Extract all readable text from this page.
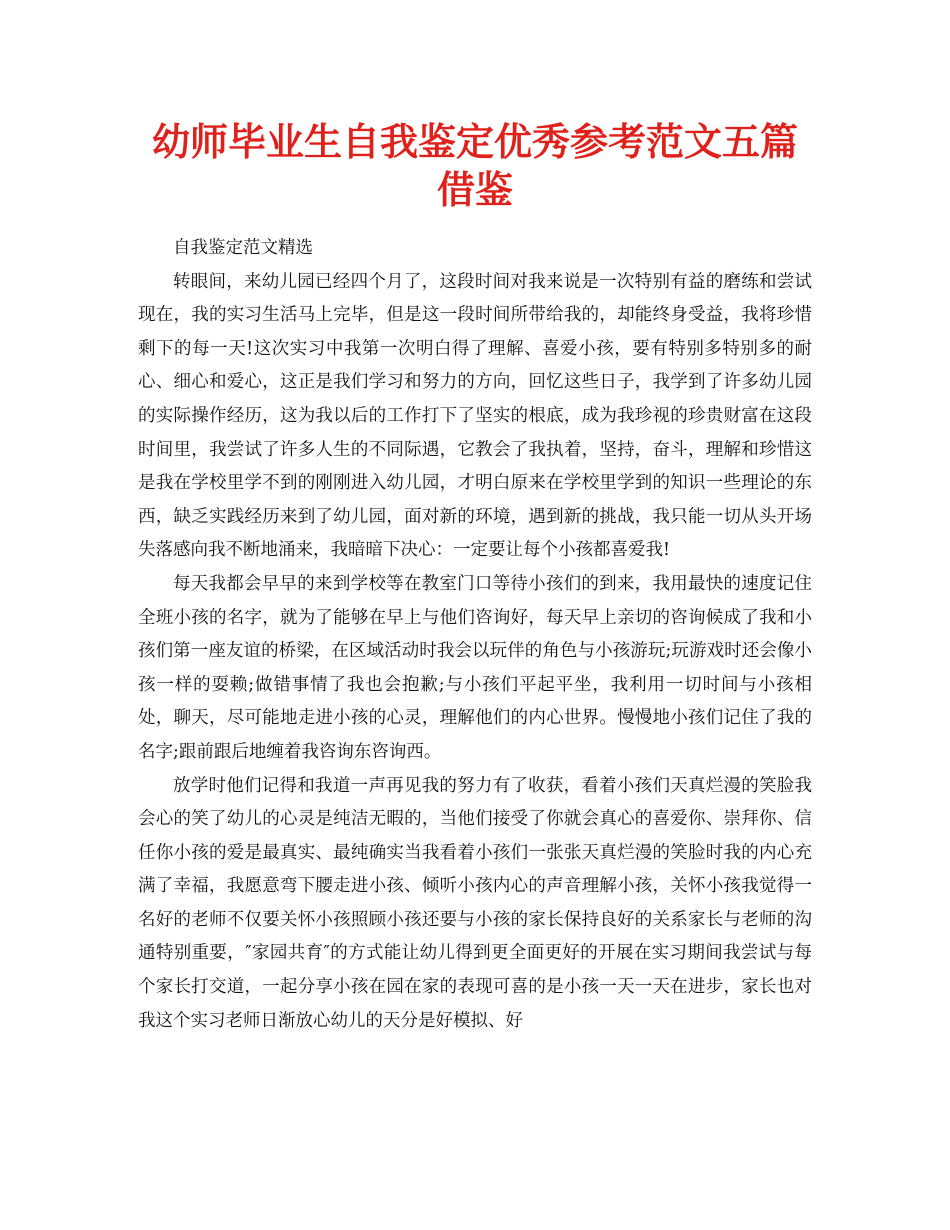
幼师毕业生自我鉴定优秀参考范文五篇借鉴

自我鉴定范文精选

转眼间，来幼儿园已经四个月了，这段时间对我来说是一次特别有益的磨练和尝试现在，我的实习生活马上完毕，但是这一段时间所带给我的，却能终身受益，我将珍惜剩下的每一天!这次实习中我第一次明白得了理解、喜爱小孩，要有特别多特别多的耐心、细心和爱心，这正是我们学习和努力的方向，回忆这些日子，我学到了许多幼儿园的实际操作经历，这为我以后的工作打下了坚实的根底，成为我珍视的珍贵财富在这段时间里，我尝试了许多人生的不同际遇，它教会了我执着，坚持，奋斗，理解和珍惜这是我在学校里学不到的刚刚进入幼儿园，才明白原来在学校里学到的知识一些理论的东西，缺乏实践经历来到了幼儿园，面对新的环境，遇到新的挑战，我只能一切从头开场失落感向我不断地涌来，我暗暗下决心：一定要让每个小孩都喜爱我!

每天我都会早早的来到学校等在教室门口等待小孩们的到来，我用最快的速度记住全班小孩的名字，就为了能够在早上与他们咨询好，每天早上亲切的咨询候成了我和小孩们第一座友谊的桥梁，在区域活动时我会以玩伴的角色与小孩游玩;玩游戏时还会像小孩一样的耍赖;做错事情了我也会抱歉;与小孩们平起平坐，我利用一切时间与小孩相处，聊天，尽可能地走进小孩的心灵，理解他们的内心世界。慢慢地小孩们记住了我的名字;跟前跟后地缠着我咨询东咨询西。

放学时他们记得和我道一声再见我的努力有了收获，看着小孩们天真烂漫的笑脸我会心的笑了幼儿的心灵是纯洁无暇的，当他们接受了你就会真心的喜爱你、崇拜你、信任你小孩的爱是最真实、最纯确实当我看着小孩们一张张天真烂漫的笑脸时我的内心充满了幸福，我愿意弯下腰走进小孩、倾听小孩内心的声音理解小孩，关怀小孩我觉得一名好的老师不仅要关怀小孩照顾小孩还要与小孩的家长保持良好的关系家长与老师的沟通特别重要，″家园共育″的方式能让幼儿得到更全面更好的开展在实习期间我尝试与每个家长打交道，一起分享小孩在园在家的表现可喜的是小孩一天一天在进步，家长也对我这个实习老师日渐放心幼儿的天分是好模拟、好
